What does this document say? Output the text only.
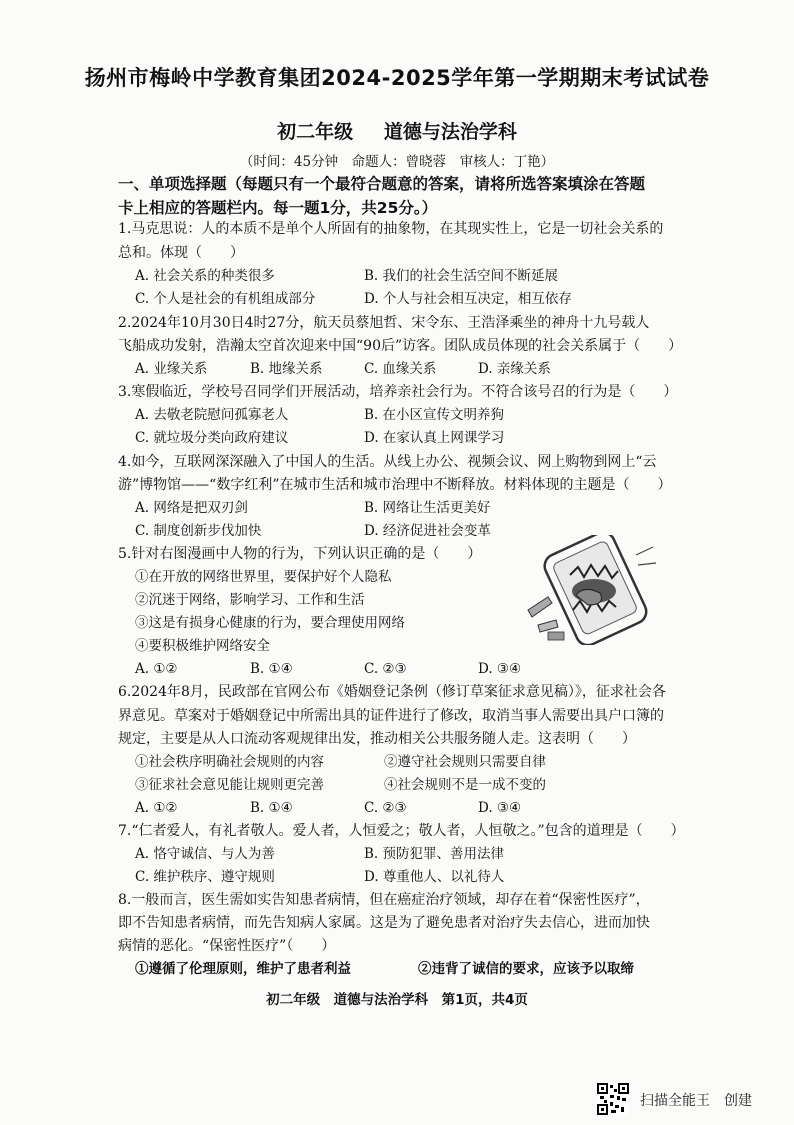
扬州市梅岭中学教育集团2024-2025学年第一学期期末考试试卷
初二年级 道德与法治学科
（时间：45分钟　命题人：曾晓蓉　审核人：丁艳）
一、单项选择题（每题只有一个最符合题意的答案，请将所选答案填涂在答题
卡上相应的答题栏内。每一题1分，共25分。）
1.马克思说：人的本质不是单个人所固有的抽象物，在其现实性上，它是一切社会关系的
总和。体现（　　）
A. 社会关系的种类很多	B. 我们的社会生活空间不断延展
C. 个人是社会的有机组成部分	D. 个人与社会相互决定，相互依存
2.2024年10月30日4时27分，航天员蔡旭哲、宋令东、王浩泽乘坐的神舟十九号载人
飞船成功发射，浩瀚太空首次迎来中国“90后”访客。团队成员体现的社会关系属于（　　）
A. 业缘关系	B. 地缘关系	C. 血缘关系	D. 亲缘关系
3.寒假临近，学校号召同学们开展活动，培养亲社会行为。不符合该号召的行为是（　　）
A. 去敬老院慰问孤寡老人	B. 在小区宣传文明养狗
C. 就垃圾分类向政府建议	D. 在家认真上网课学习
4.如今，互联网深深融入了中国人的生活。从线上办公、视频会议、网上购物到网上“云
游”博物馆——“数字红利”在城市生活和城市治理中不断释放。材料体现的主题是（　　）
A. 网络是把双刃剑	B. 网络让生活更美好
C. 制度创新步伐加快	D. 经济促进社会变革
5.针对右图漫画中人物的行为，下列认识正确的是（　　）
①在开放的网络世界里，要保护好个人隐私
②沉迷于网络，影响学习、工作和生活
③这是有损身心健康的行为，要合理使用网络
④要积极维护网络安全
A. ①②	B. ①④	C. ②③	D. ③④
6.2024年8月，民政部在官网公布《婚姻登记条例（修订草案征求意见稿）》，征求社会各
界意见。草案对于婚姻登记中所需出具的证件进行了修改，取消当事人需要出具户口簿的
规定，主要是从人口流动客观规律出发，推动相关公共服务随人走。这表明（　　）
①社会秩序明确社会规则的内容	②遵守社会规则只需要自律
③征求社会意见能让规则更完善	④社会规则不是一成不变的
A. ①②	B. ①④	C. ②③	D. ③④
7.“仁者爱人，有礼者敬人。爱人者，人恒爱之；敬人者，人恒敬之。”包含的道理是（　　）
A. 恪守诚信、与人为善	B. 预防犯罪、善用法律
C. 维护秩序、遵守规则	D. 尊重他人、以礼待人
8.一般而言，医生需如实告知患者病情，但在癌症治疗领域，却存在着“保密性医疗”，
即不告知患者病情，而先告知病人家属。这是为了避免患者对治疗失去信心，进而加快
病情的恶化。“保密性医疗”（　　）
①遵循了伦理原则，维护了患者利益	②违背了诚信的要求，应该予以取缔
初二年级　道德与法治学科　第1页，共4页
扫描全能王　创建
